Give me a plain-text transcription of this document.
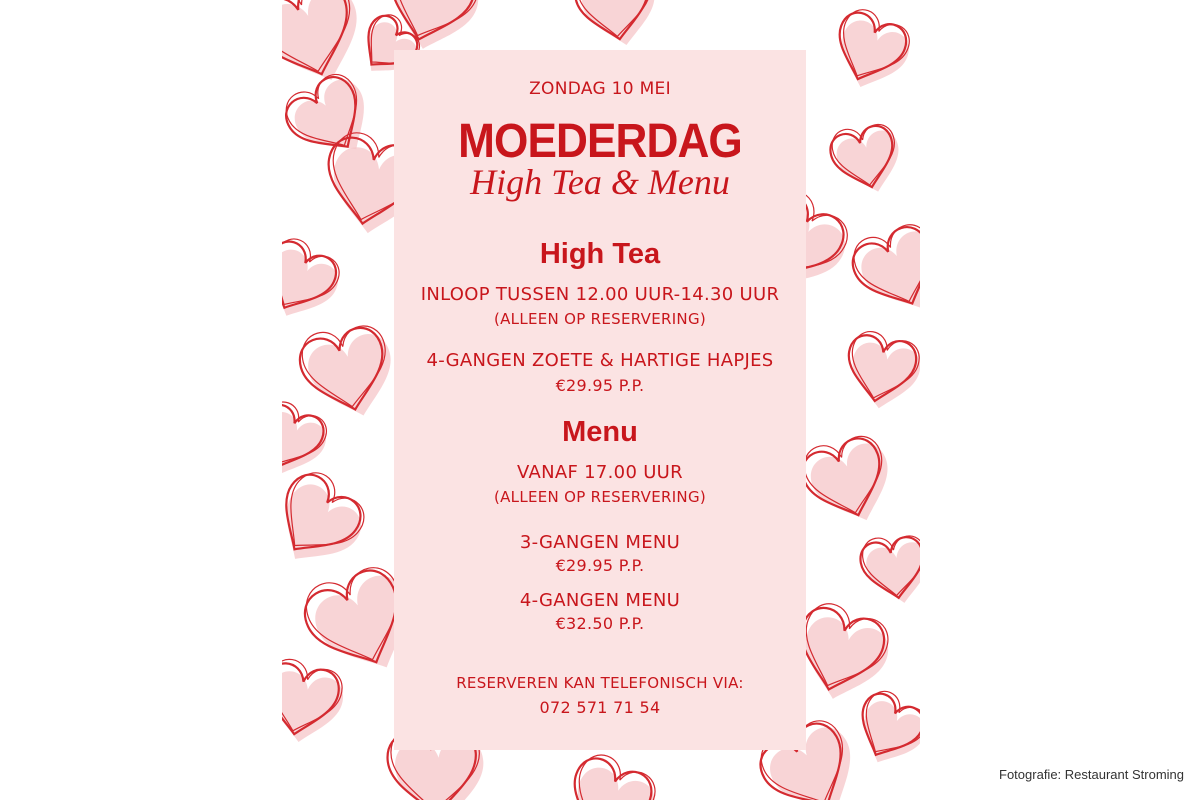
ZONDAG 10 MEI
MOEDERDAG
High Tea & Menu
High Tea
INLOOP TUSSEN 12.00 UUR-14.30 UUR
(ALLEEN OP RESERVERING)
4-GANGEN ZOETE & HARTIGE HAPJES
€29.95 P.P.
Menu
VANAF 17.00 UUR
(ALLEEN OP RESERVERING)
3-GANGEN MENU
€29.95 P.P.
4-GANGEN MENU
€32.50 P.P.
RESERVEREN KAN TELEFONISCH VIA:
072 571 71 54
Fotografie: Restaurant Stroming
